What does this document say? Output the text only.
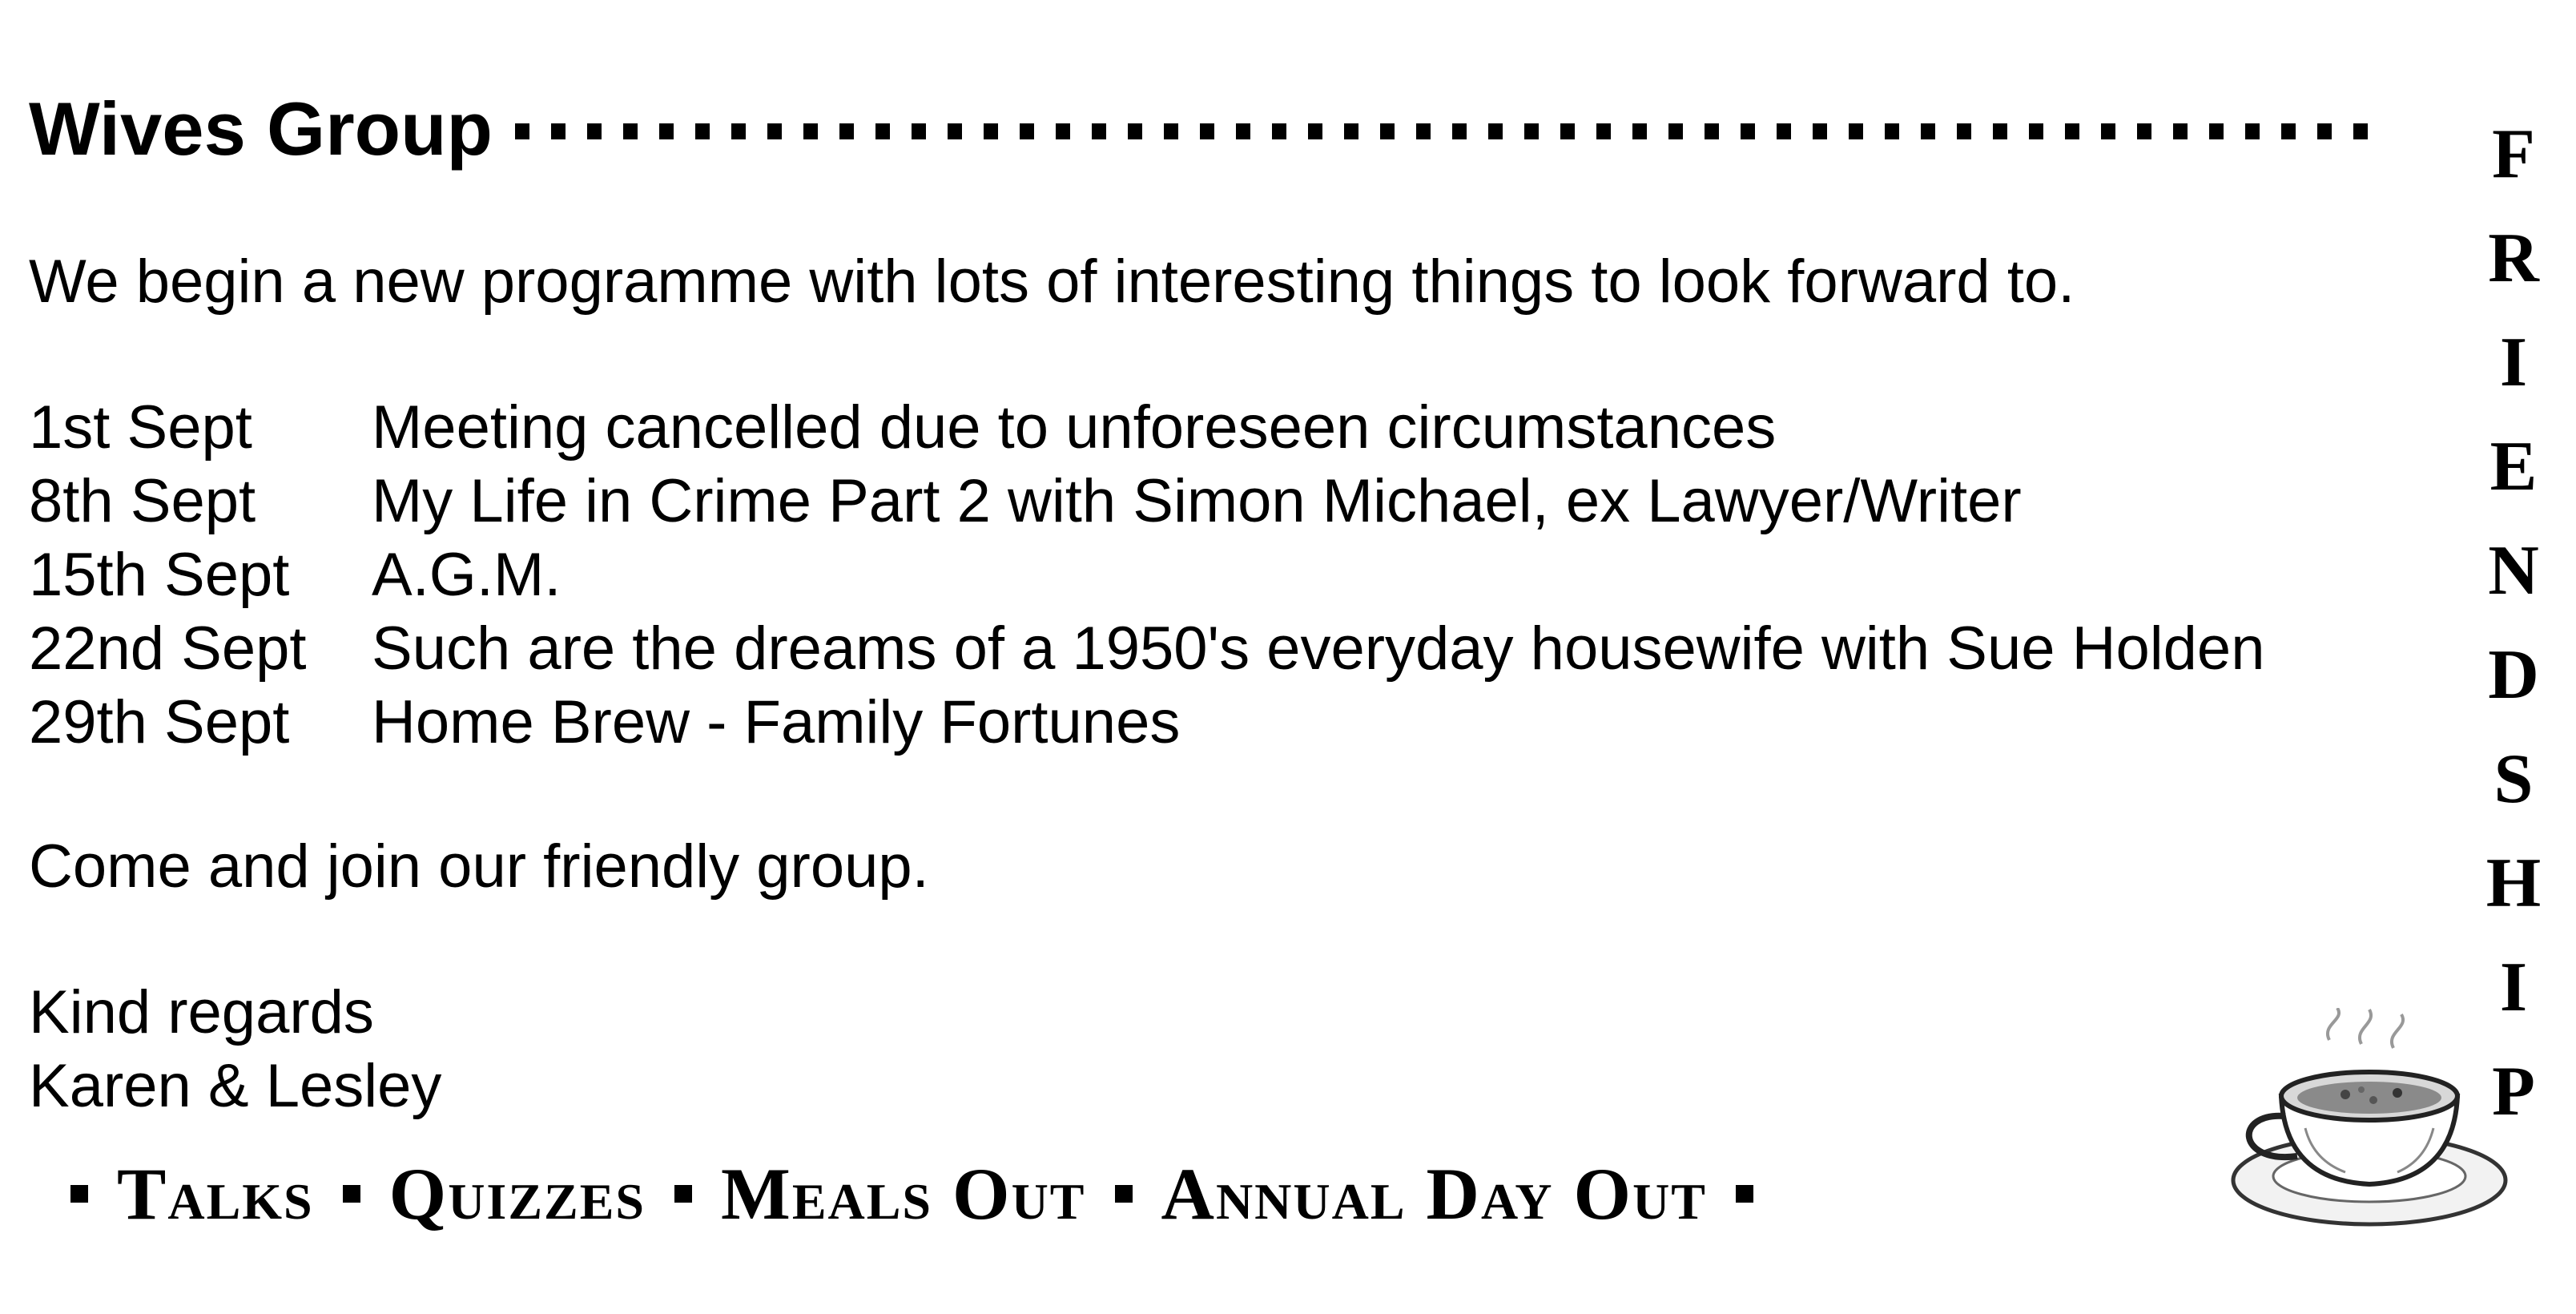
Wives Group
We begin a new programme with lots of interesting things to look forward to.
1st Sept	Meeting cancelled due to unforeseen circumstances
8th Sept	My Life in Crime Part 2 with Simon Michael, ex Lawyer/Writer
15th Sept	A.G.M.
22nd Sept	Such are the dreams of a 1950's everyday housewife with Sue Holden
29th Sept	Home Brew - Family Fortunes
Come and join our friendly group.
Kind regards
Karen & Lesley
F
R
I
E
N
D
S
H
I
P
Talks Quizzes Meals Out Annual Day Out
